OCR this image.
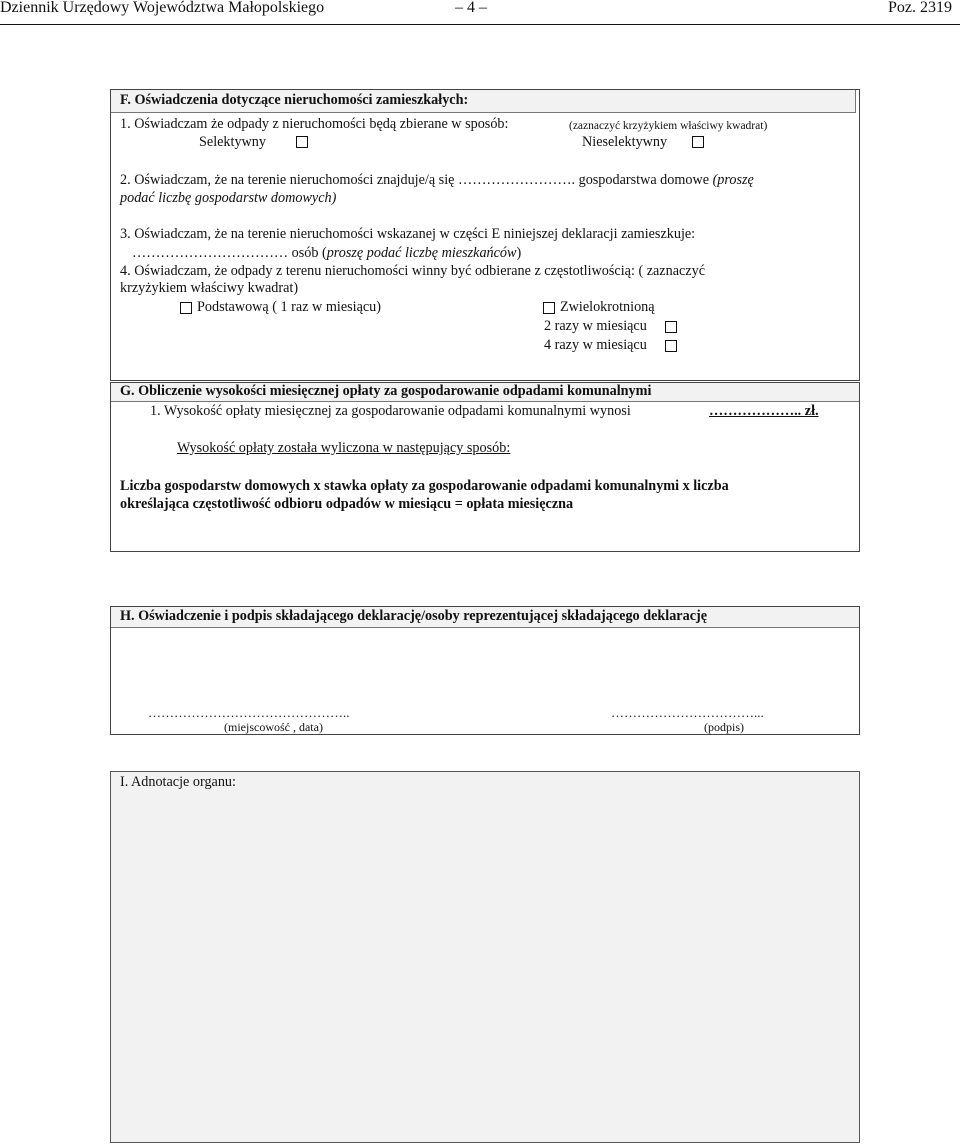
Dziennik Urzędowy Województwa Małopolskiego	– 4 –	Poz. 2319
F. Oświadczenia dotyczące nieruchomości zamieszkałych:
1. Oświadczam że odpady z nieruchomości będą zbierane w sposób:	(zaznaczyć krzyżykiem właściwy kwadrat)
Selektywny	Nieselektywny
2. Oświadczam, że na terenie nieruchomości znajduje/ą się ……………………. gospodarstwa domowe (proszę
podać liczbę gospodarstw domowych)
3. Oświadczam, że na terenie nieruchomości wskazanej w części E niniejszej deklaracji zamieszkuje:
…………………………… osób (proszę podać liczbę mieszkańców)
4. Oświadczam, że odpady z terenu nieruchomości winny być odbierane z częstotliwością: ( zaznaczyć
krzyżykiem właściwy kwadrat)
Podstawową ( 1 raz w miesiącu)	Zwielokrotnioną
2 razy w miesiącu
4 razy w miesiącu
G. Obliczenie wysokości miesięcznej opłaty za gospodarowanie odpadami komunalnymi
1. Wysokość opłaty miesięcznej za gospodarowanie odpadami komunalnymi wynosi	……………….. zł.
Wysokość opłaty została wyliczona w następujący sposób:
Liczba gospodarstw domowych x stawka opłaty za gospodarowanie odpadami komunalnymi x liczba
określająca częstotliwość odbioru odpadów w miesiącu = opłata miesięczna
H. Oświadczenie i podpis składającego deklarację/osoby reprezentującej składającego deklarację
………………………………………..
(miejscowość , data)
……………………………...
(podpis)
I. Adnotacje organu:
